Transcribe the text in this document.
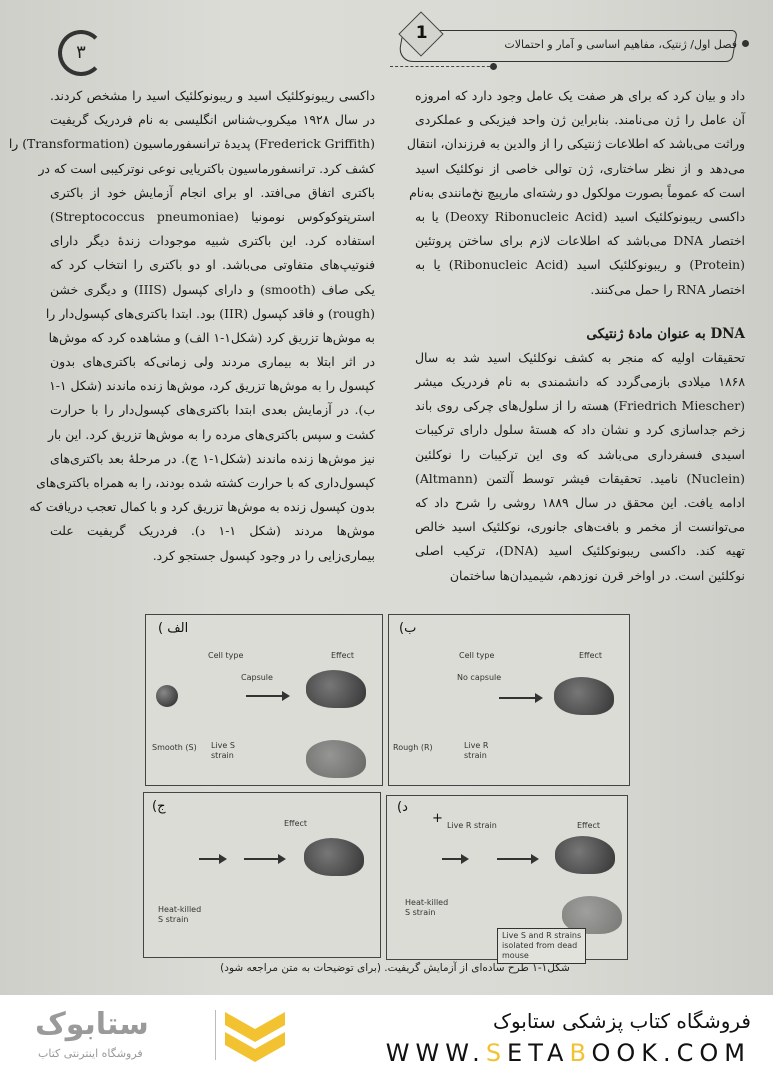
۳
1
فصل اول/ ژنتیک، مفاهیم اساسی و آمار و احتمالات
داد و بیان کرد که برای هر صفت یک عامل وجود دارد که امروزه
آن عامل را ژن می‌نامند. بنابراین ژن واحد فیزیکی و عملکردی
وراثت می‌باشد که اطلاعات ژنتیکی را از والدین به فرزندان، انتقال
می‌دهد و از نظر ساختاری، ژن توالی خاصی از نوکلئیک اسید
است که عموماً بصورت مولکول دو رشته‌ای مارپیچ نخ‌مانندی به‌نام
داکسی ریبونوکلئیک اسید (Deoxy Ribonucleic Acid) یا به
اختصار DNA می‌باشد که اطلاعات لازم برای ساختن پروتئین
(Protein) و ریبونوکلئیک اسید (Ribonucleic Acid) یا به
اختصار RNA را حمل می‌کنند.
DNA به عنوان مادهٔ ژنتیکی
تحقیقات اولیه که منجر به کشف نوکلئیک اسید شد به سال
۱۸۶۸ میلادی بازمی‌گردد که دانشمندی به نام فردریک میشر
(Friedrich Miescher) هسته را از سلول‌های چرکی روی باند
زخم جداسازی کرد و نشان داد که هستهٔ سلول دارای ترکیبات
اسیدی فسفرداری می‌باشد که وی این ترکیبات را نوکلئین
(Nuclein) نامید. تحقیقات فیشر توسط آلتمن (Altmann)
ادامه یافت. این محقق در سال ۱۸۸۹ روشی را شرح داد که
می‌توانست از مخمر و بافت‌های جانوری، نوکلئیک اسید خالص
تهیه کند. داکسی ریبونوکلئیک اسید (DNA)، ترکیب اصلی
نوکلئین است. در اواخر قرن نوزدهم، شیمیدان‌ها ساختمان
داکسی ریبونوکلئیک اسید و ریبونوکلئیک اسید را مشخص کردند.
در سال ۱۹۲۸ میکروب‌شناس انگلیسی به نام فردریک گریفیت
(Frederick Griffith) پدیدهٔ ترانسفورماسیون (Transformation) را
کشف کرد. ترانسفورماسیون باکتریایی نوعی نوترکیبی است که در
باکتری اتفاق می‌افتد. او برای انجام آزمایش خود از باکتری
استرپتوکوکوس نومونیا (Streptococcus pneumoniae)
استفاده کرد. این باکتری شبیه موجودات زندهٔ دیگر دارای
فنوتیپ‌های متفاوتی می‌باشد. او دو باکتری را انتخاب کرد که
یکی صاف (smooth) و دارای کپسول (IIIS) و دیگری خشن
(rough) و فاقد کپسول (IIR) بود. ابتدا باکتری‌های کپسول‌دار را
به موش‌ها تزریق کرد (شکل۱-۱ الف) و مشاهده کرد که موش‌ها
در اثر ابتلا به بیماری مردند ولی زمانی‌که باکتری‌های بدون
کپسول را به موش‌ها تزریق کرد، موش‌ها زنده ماندند (شکل ۱-۱
ب). در آزمایش بعدی ابتدا باکتری‌های کپسول‌دار را با حرارت
کشت و سپس باکتری‌های مرده را به موش‌ها تزریق کرد. این بار
نیز موش‌ها زنده ماندند (شکل۱-۱ ج). در مرحلهٔ بعد باکتری‌های
کپسول‌داری که با حرارت کشته شده بودند، را به همراه باکتری‌های
بدون کپسول زنده به موش‌ها تزریق کرد و با کمال تعجب دریافت که
موش‌ها مردند (شکل ۱-۱ د). فردریک گریفیت علت
بیماری‌زایی را در وجود کپسول جستجو کرد.
الف )
Cell type
Capsule
Effect
Smooth (S) Live S
strain
ب)
Cell type
No capsule
Effect
Rough (R)	Live R
strain
ج)
Effect
Heat-killed
S strain
د)
+ Live R strain	Effect
Heat-killed
S strain
Live S and R strains
isolated from dead
mouse
شکل۱-۱ طرح ساده‌ای از آزمایش گریفیت. (برای توضیحات به متن مراجعه شود)
فروشگاه کتاب پزشکی ستابوک
WWW.SETABOOK.COM
ستابوک
فروشگاه اینترنتی کتاب
